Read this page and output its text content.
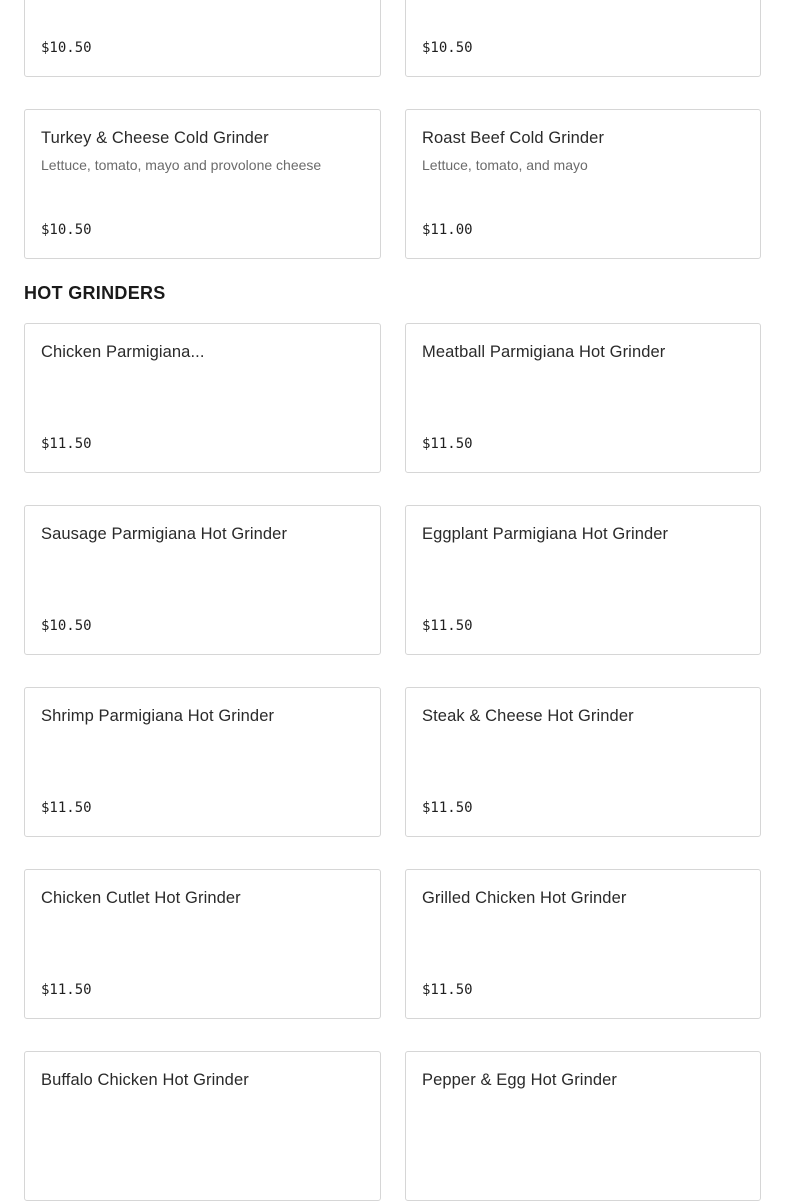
$10.50	$10.50
Turkey & Cheese Cold Grinder
Lettuce, tomato, mayo and provolone cheese
$10.50
Roast Beef Cold Grinder
Lettuce, tomato, and mayo
$11.00
HOT GRINDERS
Chicken Parmigiana...
$11.50
Meatball Parmigiana Hot Grinder
$11.50
Sausage Parmigiana Hot Grinder
$10.50
Eggplant Parmigiana Hot Grinder
$11.50
Shrimp Parmigiana Hot Grinder
$11.50
Steak & Cheese Hot Grinder
$11.50
Chicken Cutlet Hot Grinder
$11.50
Grilled Chicken Hot Grinder
$11.50
Buffalo Chicken Hot Grinder	Pepper & Egg Hot Grinder
